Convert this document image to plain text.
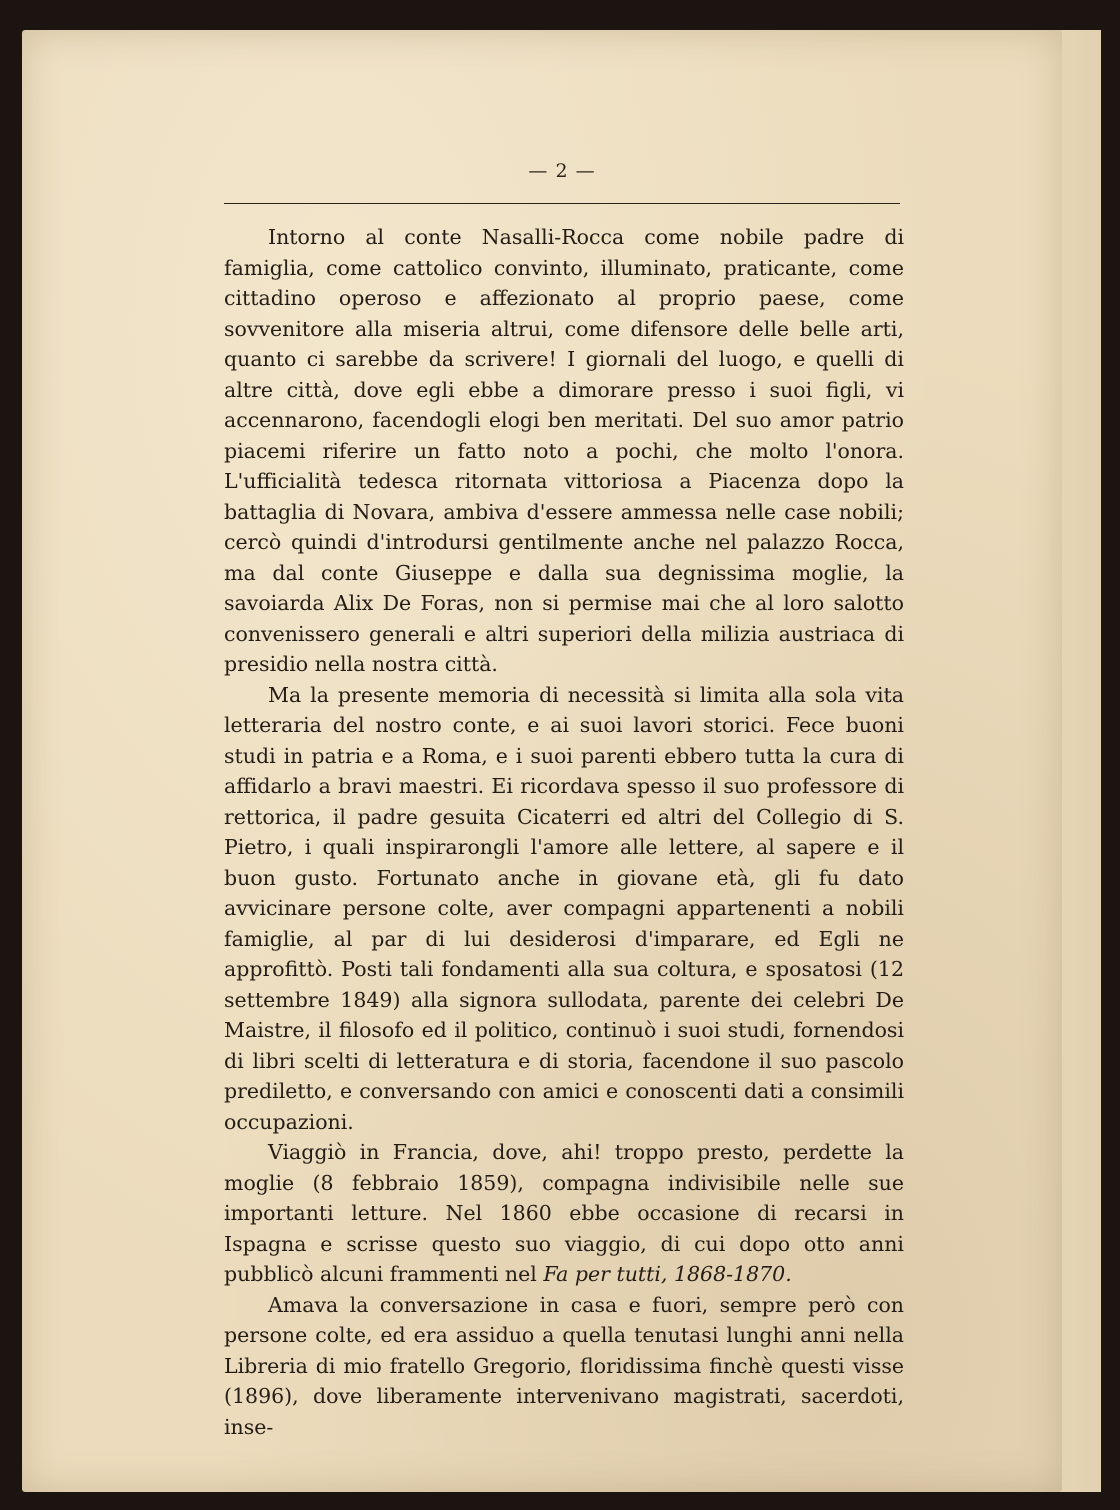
— 2 —

Intorno al conte Nasalli-Rocca come nobile padre di famiglia, come cattolico convinto, illuminato, praticante, come cittadino operoso e affezionato al proprio paese, come sovvenitore alla miseria altrui, come difensore delle belle arti, quanto ci sarebbe da scrivere! I giornali del luogo, e quelli di altre città, dove egli ebbe a dimorare presso i suoi figli, vi accennarono, facendogli elogi ben meritati. Del suo amor patrio piacemi riferire un fatto noto a pochi, che molto l'onora. L'ufficialità tedesca ritornata vittoriosa a Piacenza dopo la battaglia di Novara, ambiva d'essere ammessa nelle case nobili; cercò quindi d'introdursi gentilmente anche nel palazzo Rocca, ma dal conte Giuseppe e dalla sua degnissima moglie, la savoiarda Alix De Foras, non si permise mai che al loro salotto convenissero generali e altri superiori della milizia austriaca di presidio nella nostra città.

Ma la presente memoria di necessità si limita alla sola vita letteraria del nostro conte, e ai suoi lavori storici. Fece buoni studi in patria e a Roma, e i suoi parenti ebbero tutta la cura di affidarlo a bravi maestri. Ei ricordava spesso il suo professore di rettorica, il padre gesuita Cicaterri ed altri del Collegio di S. Pietro, i quali inspirarongli l'amore alle lettere, al sapere e il buon gusto. Fortunato anche in giovane età, gli fu dato avvicinare persone colte, aver compagni appartenenti a nobili famiglie, al par di lui desiderosi d'imparare, ed Egli ne approfittò. Posti tali fondamenti alla sua coltura, e sposatosi (12 settembre 1849) alla signora sullodata, parente dei celebri De Maistre, il filosofo ed il politico, continuò i suoi studi, fornendosi di libri scelti di letteratura e di storia, facendone il suo pascolo prediletto, e conversando con amici e conoscenti dati a consimili occupazioni.

Viaggiò in Francia, dove, ahi! troppo presto, perdette la moglie (8 febbraio 1859), compagna indivisibile nelle sue importanti letture. Nel 1860 ebbe occasione di recarsi in Ispagna e scrisse questo suo viaggio, di cui dopo otto anni pubblicò alcuni frammenti nel Fa per tutti, 1868-1870.

Amava la conversazione in casa e fuori, sempre però con persone colte, ed era assiduo a quella tenutasi lunghi anni nella Libreria di mio fratello Gregorio, floridissima finchè questi visse (1896), dove liberamente intervenivano magistrati, sacerdoti, inse-
